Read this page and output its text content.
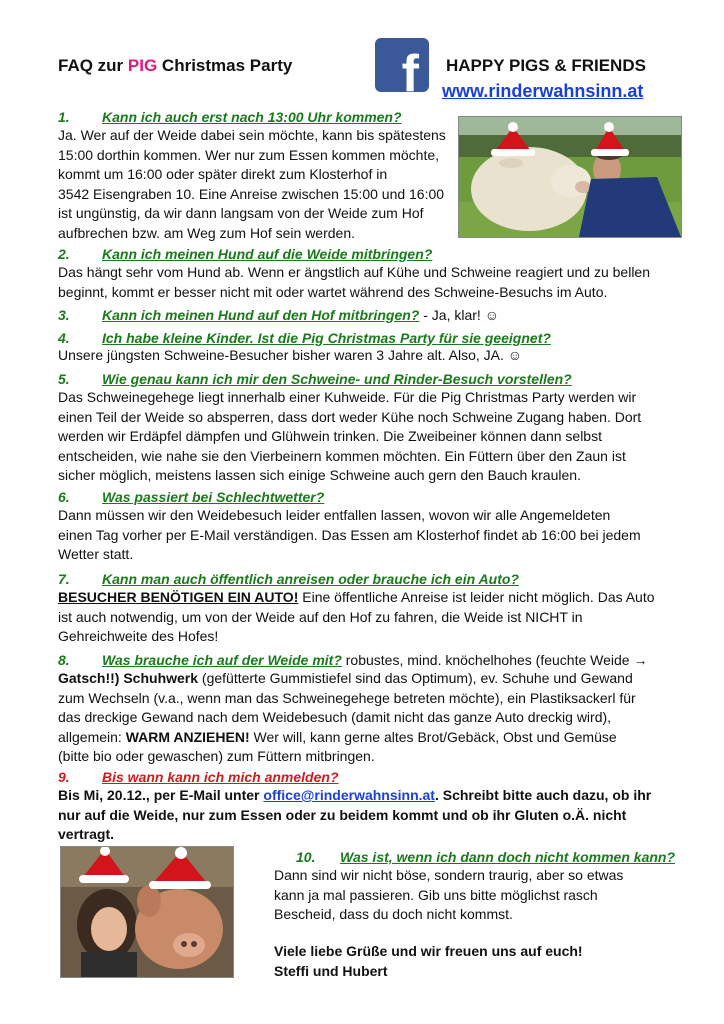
FAQ zur PIG Christmas Party f HAPPY PIGS & FRIENDS
www.rinderwahnsinn.at
1. Kann ich auch erst nach 13:00 Uhr kommen?
Ja. Wer auf der Weide dabei sein möchte, kann bis spätestens
15:00 dorthin kommen. Wer nur zum Essen kommen möchte,
kommt um 16:00 oder später direkt zum Klosterhof in
3542 Eisengraben 10. Eine Anreise zwischen 15:00 und 16:00
ist ungünstig, da wir dann langsam von der Weide zum Hof
aufbrechen bzw. am Weg zum Hof sein werden.
2. Kann ich meinen Hund auf die Weide mitbringen?
Das hängt sehr vom Hund ab. Wenn er ängstlich auf Kühe und Schweine reagiert und zu bellen
beginnt, kommt er besser nicht mit oder wartet während des Schweine-Besuchs im Auto.
3. Kann ich meinen Hund auf den Hof mitbringen? - Ja, klar! ☺
4. Ich habe kleine Kinder. Ist die Pig Christmas Party für sie geeignet?
Unsere jüngsten Schweine-Besucher bisher waren 3 Jahre alt. Also, JA. ☺
5. Wie genau kann ich mir den Schweine- und Rinder-Besuch vorstellen?
Das Schweinegehege liegt innerhalb einer Kuhweide. Für die Pig Christmas Party werden wir
einen Teil der Weide so absperren, dass dort weder Kühe noch Schweine Zugang haben. Dort
werden wir Erdäpfel dämpfen und Glühwein trinken. Die Zweibeiner können dann selbst
entscheiden, wie nahe sie den Vierbeinern kommen möchten. Ein Füttern über den Zaun ist
sicher möglich, meistens lassen sich einige Schweine auch gern den Bauch kraulen.
6. Was passiert bei Schlechtwetter?
Dann müssen wir den Weidebesuch leider entfallen lassen, wovon wir alle Angemeldeten
einen Tag vorher per E-Mail verständigen. Das Essen am Klosterhof findet ab 16:00 bei jedem
Wetter statt.
7. Kann man auch öffentlich anreisen oder brauche ich ein Auto?
BESUCHER BENÖTIGEN EIN AUTO! Eine öffentliche Anreise ist leider nicht möglich. Das Auto
ist auch notwendig, um von der Weide auf den Hof zu fahren, die Weide ist NICHT in
Gehreichweite des Hofes!
8. Was brauche ich auf der Weide mit? robustes, mind. knöchelhohes (feuchte Weide →
Gatsch!!) Schuhwerk (gefütterte Gummistiefel sind das Optimum), ev. Schuhe und Gewand
zum Wechseln (v.a., wenn man das Schweinegehege betreten möchte), ein Plastiksackerl für
das dreckige Gewand nach dem Weidebesuch (damit nicht das ganze Auto dreckig wird),
allgemein: WARM ANZIEHEN! Wer will, kann gerne altes Brot/Gebäck, Obst und Gemüse
(bitte bio oder gewaschen) zum Füttern mitbringen.
9. Bis wann kann ich mich anmelden?
Bis Mi, 20.12., per E-Mail unter office@rinderwahnsinn.at. Schreibt bitte auch dazu, ob ihr
nur auf die Weide, nur zum Essen oder zu beidem kommt und ob ihr Gluten o.Ä. nicht
vertragt.
10. Was ist, wenn ich dann doch nicht kommen kann?
Dann sind wir nicht böse, sondern traurig, aber so etwas
kann ja mal passieren. Gib uns bitte möglichst rasch
Bescheid, dass du doch nicht kommst.
Viele liebe Grüße und wir freuen uns auf euch!
Steffi und Hubert
